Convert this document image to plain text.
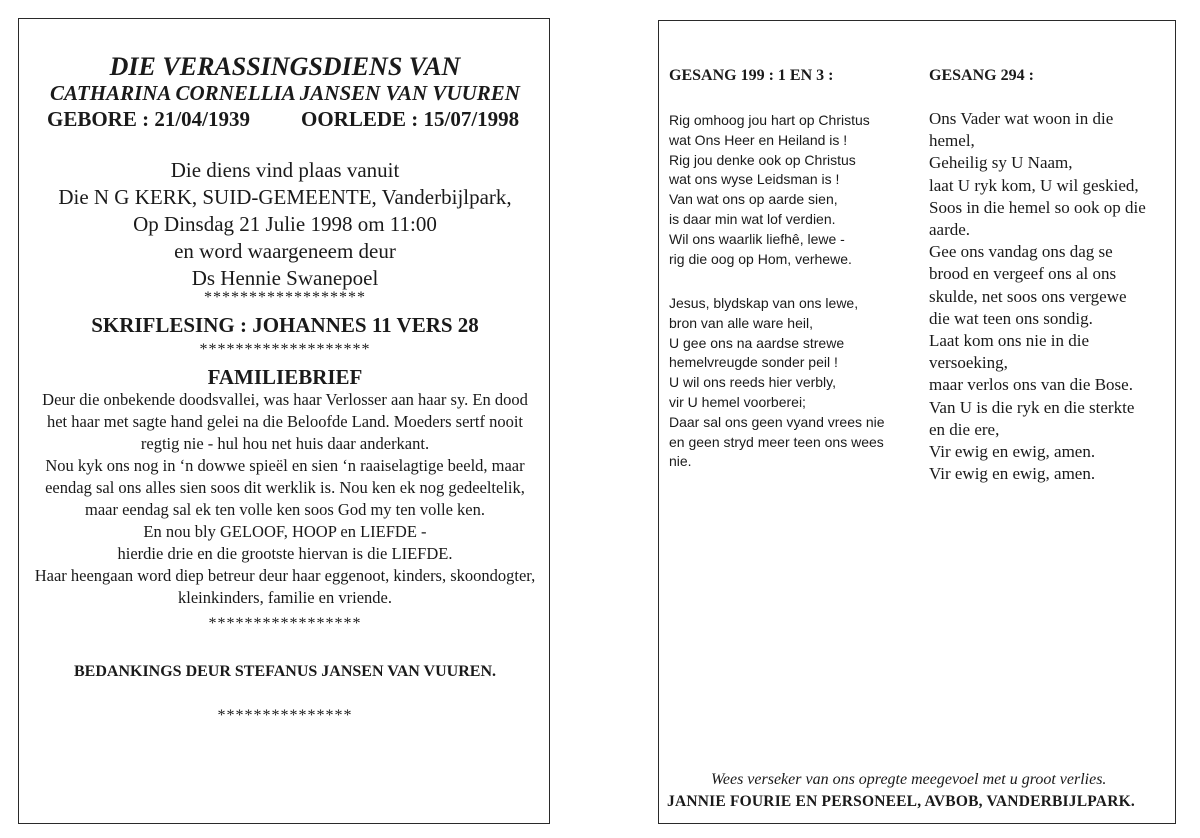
DIE VERASSINGSDIENS VAN
CATHARINA CORNELLIA JANSEN VAN VUUREN
GEBORE : 21/04/1939 OORLEDE : 15/07/1998
Die diens vind plaas vanuit
Die N G KERK, SUID-GEMEENTE, Vanderbijlpark,
Op Dinsdag 21 Julie 1998 om 11:00
en word waargeneem deur
Ds Hennie Swanepoel
******************
SKRIFLESING : JOHANNES 11 VERS 28
*******************
FAMILIEBRIEF
Deur die onbekende doodsvallei, was haar Verlosser aan haar sy. En dood
het haar met sagte hand gelei na die Beloofde Land. Moeders sertf nooit
regtig nie - hul hou net huis daar anderkant.
Nou kyk ons nog in ‘n dowwe spieël en sien ‘n raaiselagtige beeld, maar
eendag sal ons alles sien soos dit werklik is. Nou ken ek nog gedeeltelik,
maar eendag sal ek ten volle ken soos God my ten volle ken.
En nou bly GELOOF, HOOP en LIEFDE -
hierdie drie en die grootste hiervan is die LIEFDE.
Haar heengaan word diep betreur deur haar eggenoot, kinders, skoondogter,
kleinkinders, familie en vriende.
*****************
BEDANKINGS DEUR STEFANUS JANSEN VAN VUUREN.
***************
GESANG 199 : 1 EN 3 :
Rig omhoog jou hart op Christus
wat Ons Heer en Heiland is !
Rig jou denke ook op Christus
wat ons wyse Leidsman is !
Van wat ons op aarde sien,
is daar min wat lof verdien.
Wil ons waarlik liefhê, lewe -
rig die oog op Hom, verhewe.
Jesus, blydskap van ons lewe,
bron van alle ware heil,
U gee ons na aardse strewe
hemelvreugde sonder peil !
U wil ons reeds hier verbly,
vir U hemel voorberei;
Daar sal ons geen vyand vrees nie
en geen stryd meer teen ons wees
nie.
GESANG 294 :
Ons Vader wat woon in die
hemel,
Geheilig sy U Naam,
laat U ryk kom, U wil geskied,
Soos in die hemel so ook op die
aarde.
Gee ons vandag ons dag se
brood en vergeef ons al ons
skulde, net soos ons vergewe
die wat teen ons sondig.
Laat kom ons nie in die
versoeking,
maar verlos ons van die Bose.
Van U is die ryk en die sterkte
en die ere,
Vir ewig en ewig, amen.
Vir ewig en ewig, amen.
Wees verseker van ons opregte meegevoel met u groot verlies.
JANNIE FOURIE EN PERSONEEL, AVBOB, VANDERBIJLPARK.
